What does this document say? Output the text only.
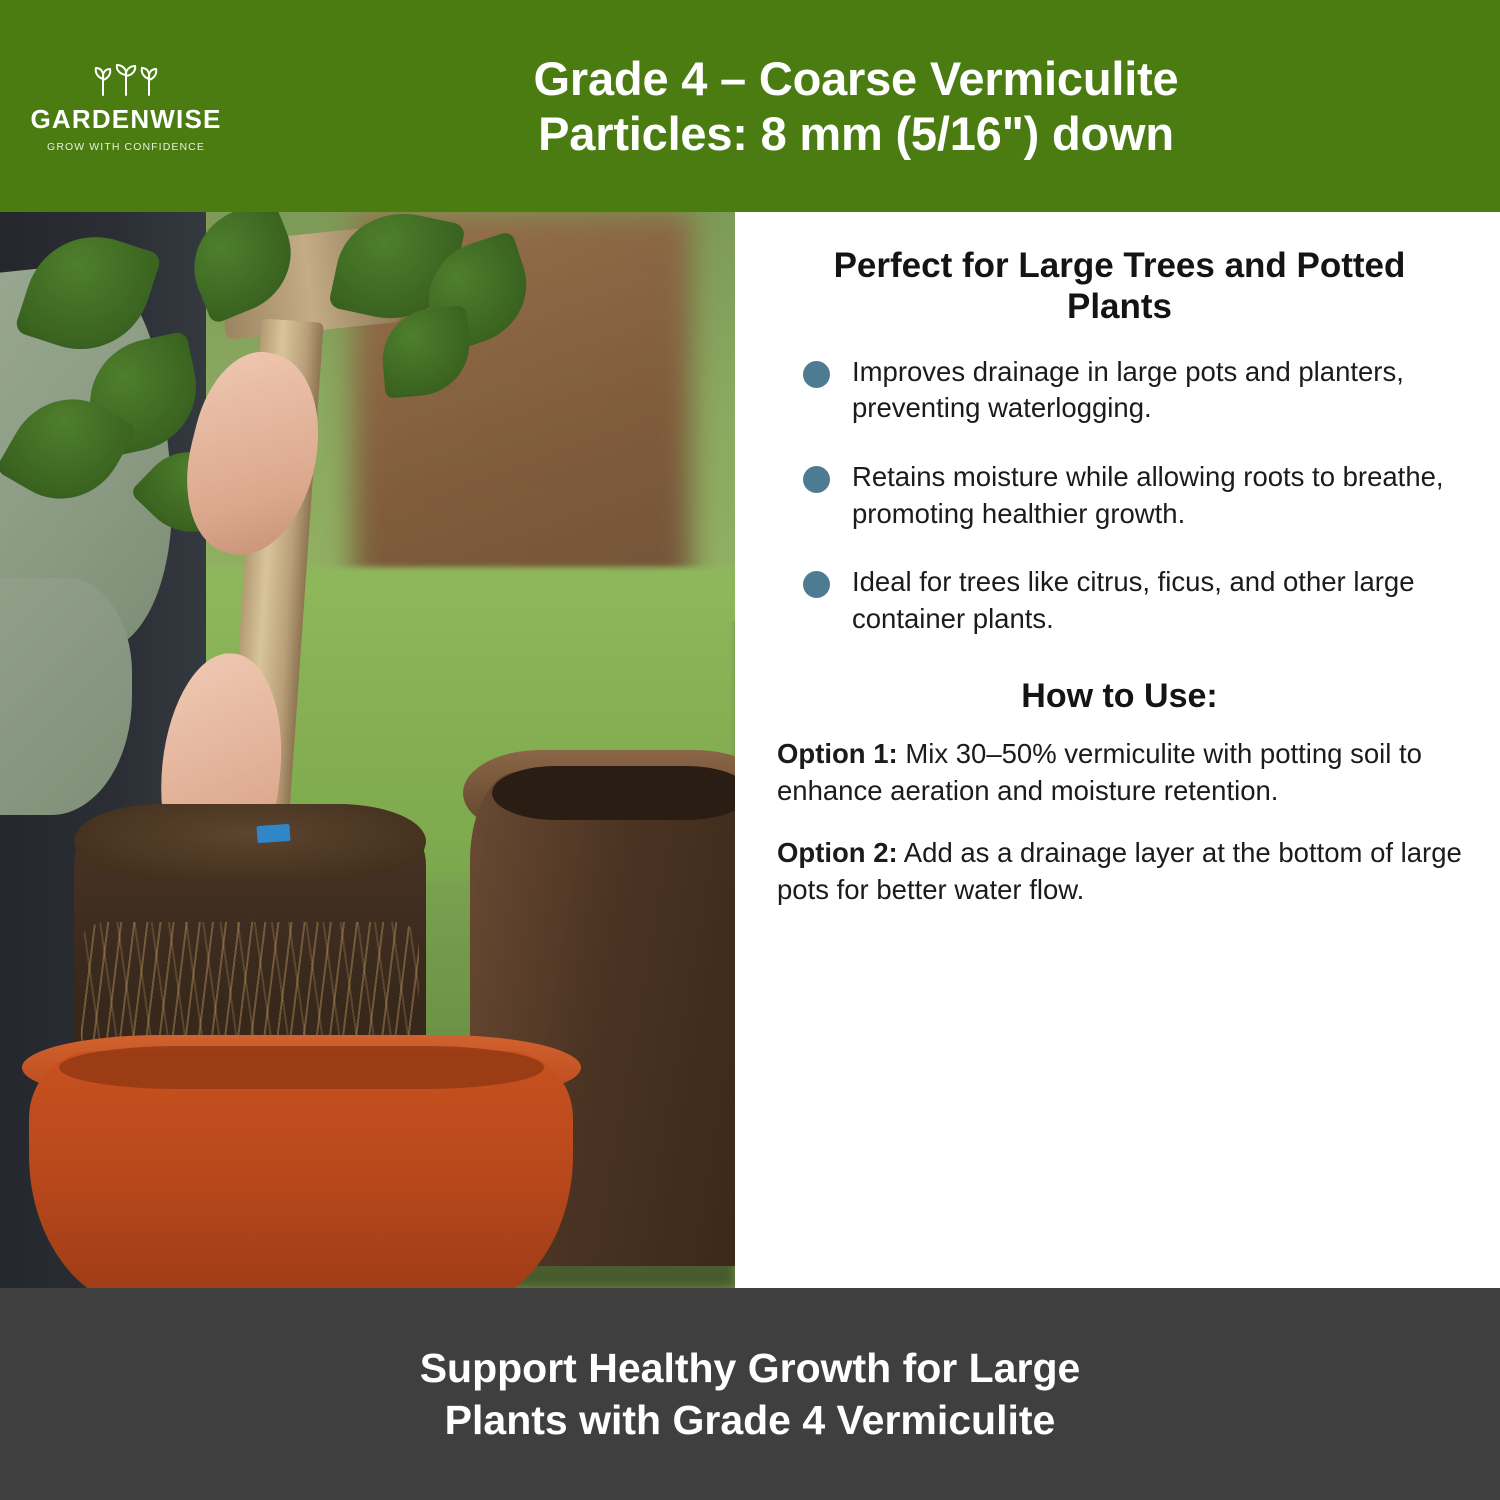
GARDENWISE
GROW WITH CONFIDENCE
Grade 4 – Coarse Vermiculite
Particles: 8 mm (5/16") down
Perfect for Large Trees and Potted Plants
Improves drainage in large pots and planters, preventing waterlogging.
Retains moisture while allowing roots to breathe, promoting healthier growth.
Ideal for trees like citrus, ficus, and other large container plants.
How to Use:

Option 1: Mix 30–50% vermiculite with potting soil to enhance aeration and moisture retention.

Option 2: Add as a drainage layer at the bottom of large pots for better water flow.

Support Healthy Growth for Large
Plants with Grade 4 Vermiculite
